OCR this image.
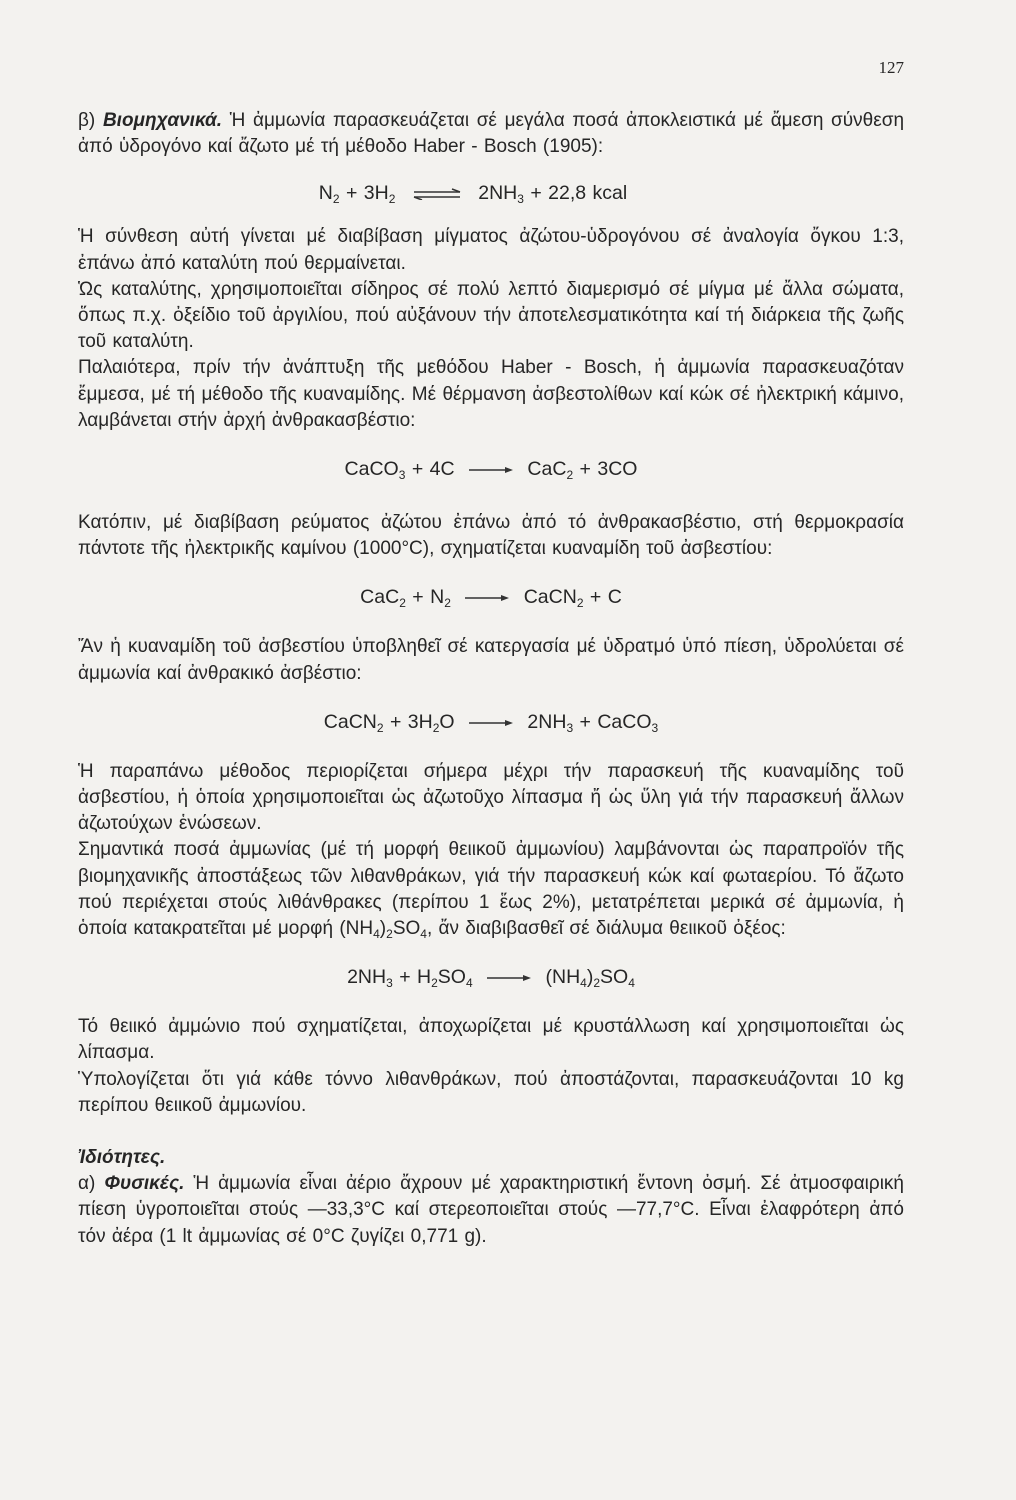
127

β) Βιομηχανικά. Ἡ ἀμμωνία παρασκευάζεται σέ μεγάλα ποσά ἀποκλειστικά μέ ἄμεση σύνθεση ἀπό ὑδρογόνο καί ἄζωτο μέ τή μέθοδο Haber - Bosch (1905):

$N_2 + 3H_2$ ⇌ $2NH_3 + 22,8$ kcal

Ἡ σύνθεση αὐτή γίνεται μέ διαβίβαση μίγματος ἀζώτου-ὑδρογόνου σέ ἀναλογία ὄγκου 1:3, ἐπάνω ἀπό καταλύτη πού θερμαίνεται.

Ὡς καταλύτης, χρησιμοποιεῖται σίδηρος σέ πολύ λεπτό διαμερισμό σέ μίγμα μέ ἄλλα σώματα, ὅπως π.χ. ὀξείδιο τοῦ ἀργιλίου, πού αὐξάνουν τήν ἀποτελεσματικότητα καί τή διάρκεια τῆς ζωῆς τοῦ καταλύτη.

Παλαιότερα, πρίν τήν ἀνάπτυξη τῆς μεθόδου Haber - Bosch, ἡ ἀμμωνία παρασκευαζόταν ἔμμεσα, μέ τή μέθοδο τῆς κυαναμίδης. Μέ θέρμανση ἀσβεστολίθων καί κώκ σέ ἠλεκτρική κάμινο, λαμβάνεται στήν ἀρχή ἀνθρακασβέστιο:

CaCO$_3$ + 4C → CaC$_2$ + 3CO

Κατόπιν, μέ διαβίβαση ρεύματος ἀζώτου ἐπάνω ἀπό τό ἀνθρακασβέστιο, στή θερμοκρασία πάντοτε τῆς ἠλεκτρικῆς καμίνου (1000°C), σχηματίζεται κυαναμίδη τοῦ ἀσβεστίου:

$CaC_2 + N_2$ → CaCN$_2$ + C

Ἄν ἡ κυαναμίδη τοῦ ἀσβεστίου ὑποβληθεῖ σέ κατεργασία μέ ὑδρατμό ὑπό πίεση, ὑδρολύεται σέ ἀμμωνία καί ἀνθρακικό ἀσβέστιο:

CaCN$_2$ + $3H_2O \to 2NH_3$ + CaCO$_3$

Ἡ παραπάνω μέθοδος περιορίζεται σήμερα μέχρι τήν παρασκευή τῆς κυαναμίδης τοῦ ἀσβεστίου, ἡ ὁποία χρησιμοποιεῖται ὡς ἀζωτοῦχο λίπασμα ἤ ὡς ὕλη γιά τήν παρασκευή ἄλλων ἀζωτούχων ἑνώσεων.

Σημαντικά ποσά ἀμμωνίας (μέ τή μορφή θειικοῦ ἀμμωνίου) λαμβάνονται ὡς παραπροϊόν τῆς βιομηχανικῆς ἀποστάξεως τῶν λιθανθράκων, γιά τήν παρασκευή κώκ καί φωταερίου. Τό ἄζωτο πού περιέχεται στούς λιθάνθρακες (περίπου 1 ἕως 2%), μετατρέπεται μερικά σέ ἀμμωνία, ἡ ὁποία κατακρατεῖται μέ μορφή $(NH_4)_2SO_4$, ἄν διαβιβασθεῖ σέ διάλυμα θειικοῦ ὀξέος:

$2NH_3 + H_2SO_4 \to (NH_4)_2SO_4$

Τό θειικό ἀμμώνιο πού σχηματίζεται, ἀποχωρίζεται μέ κρυστάλλωση καί χρησιμοποιεῖται ὡς λίπασμα.

Ὑπολογίζεται ὅτι γιά κάθε τόννο λιθανθράκων, πού ἀποστάζονται, παρασκευάζονται 10 kg περίπου θειικοῦ ἀμμωνίου.

Ἰδιότητες.

α) Φυσικές. Ἡ ἀμμωνία εἶναι ἀέριο ἄχρουν μέ χαρακτηριστική ἔντονη ὀσμή. Σέ ἀτμοσφαιρική πίεση ὑγροποιεῖται στούς —33,3°C καί στερεοποιεῖται στούς —77,7°C. Εἶναι ἐλαφρότερη ἀπό τόν ἀέρα (1 lt ἀμμωνίας σέ 0°C ζυγίζει 0,771 g).
